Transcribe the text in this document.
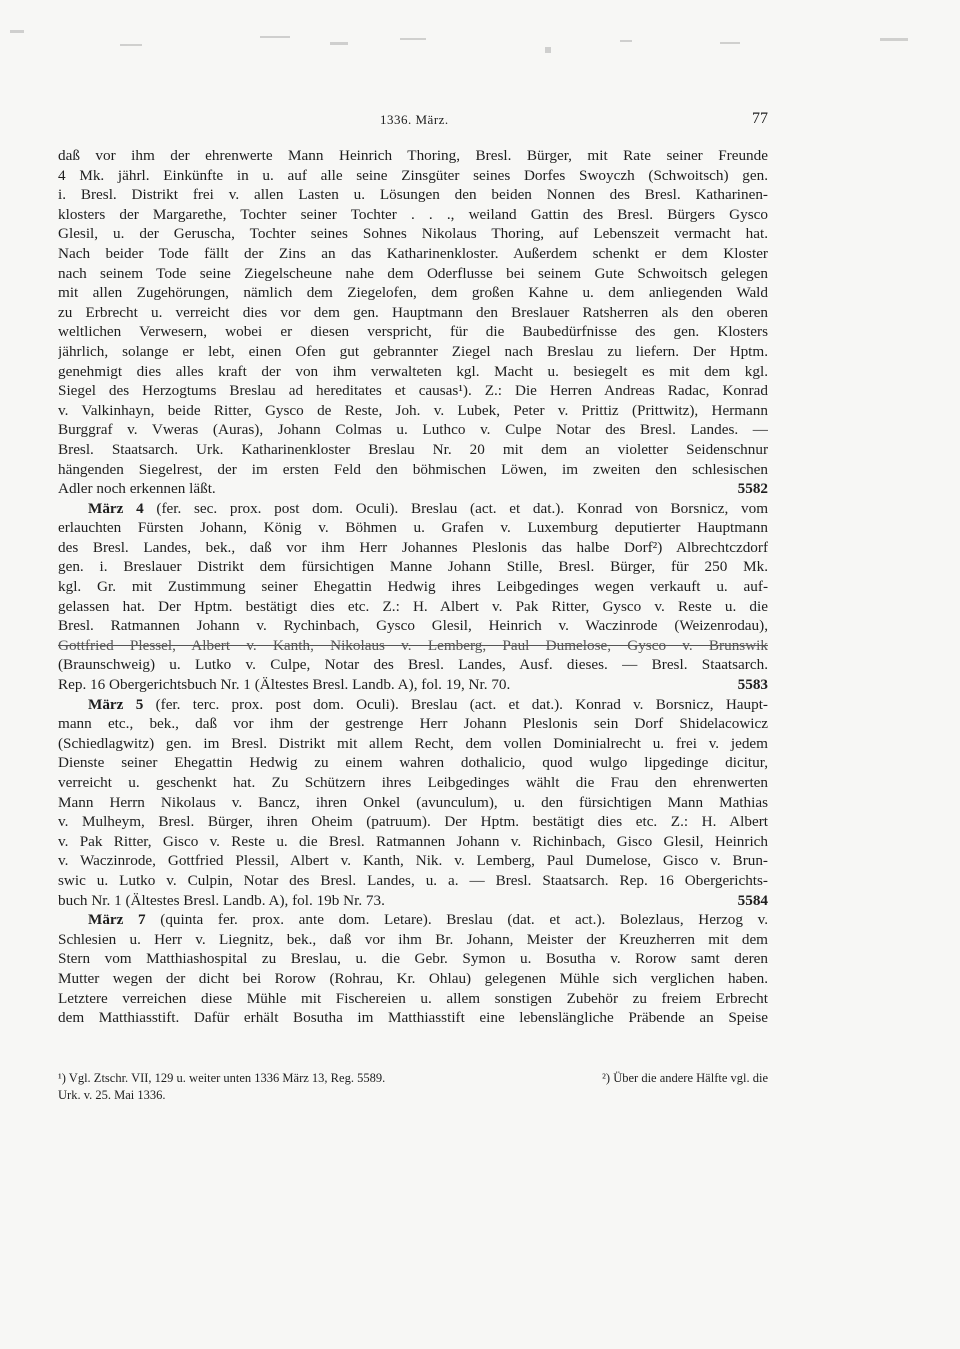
1336. März.	77
daß vor ihm der ehrenwerte Mann Heinrich Thoring, Bresl. Bürger, mit Rate seiner Freunde
4 Mk. jährl. Einkünfte in u. auf alle seine Zinsgüter seines Dorfes Swoyczh (Schwoitsch) gen.
i. Bresl. Distrikt frei v. allen Lasten u. Lösungen den beiden Nonnen des Bresl. Katharinen-
klosters der Margarethe, Tochter seiner Tochter . . ., weiland Gattin des Bresl. Bürgers Gysco
Glesil, u. der Geruscha, Tochter seines Sohnes Nikolaus Thoring, auf Lebenszeit vermacht hat.
Nach beider Tode fällt der Zins an das Katharinenkloster. Außerdem schenkt er dem Kloster
nach seinem Tode seine Ziegelscheune nahe dem Oderflusse bei seinem Gute Schwoitsch gelegen
mit allen Zugehörungen, nämlich dem Ziegelofen, dem großen Kahne u. dem anliegenden Wald
zu Erbrecht u. verreicht dies vor dem gen. Hauptmann den Breslauer Ratsherren als den oberen
weltlichen Verwesern, wobei er diesen verspricht, für die Baubedürfnisse des gen. Klosters
jährlich, solange er lebt, einen Ofen gut gebrannter Ziegel nach Breslau zu liefern. Der Hptm.
genehmigt dies alles kraft der von ihm verwalteten kgl. Macht u. besiegelt es mit dem kgl.
Siegel des Herzogtums Breslau ad hereditates et causas¹). Z.: Die Herren Andreas Radac, Konrad
v. Valkinhayn, beide Ritter, Gysco de Reste, Joh. v. Lubek, Peter v. Prittiz (Prittwitz), Hermann
Burggraf v. Vweras (Auras), Johann Colmas u. Luthco v. Culpe Notar des Bresl. Landes. —
Bresl. Staatsarch. Urk. Katharinenkloster Breslau Nr. 20 mit dem an violetter Seidenschnur
hängenden Siegelrest, der im ersten Feld den böhmischen Löwen, im zweiten den schlesischen
Adler noch erkennen läßt.	5582
März 4 (fer. sec. prox. post dom. Oculi). Breslau (act. et dat.). Konrad von Borsnicz, vom
erlauchten Fürsten Johann, König v. Böhmen u. Grafen v. Luxemburg deputierter Hauptmann
des Bresl. Landes, bek., daß vor ihm Herr Johannes Pleslonis das halbe Dorf²) Albrechtczdorf
gen. i. Breslauer Distrikt dem fürsichtigen Manne Johann Stille, Bresl. Bürger, für 250 Mk.
kgl. Gr. mit Zustimmung seiner Ehegattin Hedwig ihres Leibgedinges wegen verkauft u. auf-
gelassen hat. Der Hptm. bestätigt dies etc. Z.: H. Albert v. Pak Ritter, Gysco v. Reste u. die
Bresl. Ratmannen Johann v. Rychinbach, Gysco Glesil, Heinrich v. Waczinrode (Weizenrodau),
Gottfried Plessel, Albert v. Kanth, Nikolaus v. Lemberg, Paul Dumelose, Gysco v. Brunswik
(Braunschweig) u. Lutko v. Culpe, Notar des Bresl. Landes, Ausf. dieses. — Bresl. Staatsarch.
Rep. 16 Obergerichtsbuch Nr. 1 (Ältestes Bresl. Landb. A), fol. 19, Nr. 70.	5583
März 5 (fer. terc. prox. post dom. Oculi). Breslau (act. et dat.). Konrad v. Borsnicz, Haupt-
mann etc., bek., daß vor ihm der gestrenge Herr Johann Pleslonis sein Dorf Shidelacowicz
(Schiedlagwitz) gen. im Bresl. Distrikt mit allem Recht, dem vollen Dominialrecht u. frei v. jedem
Dienste seiner Ehegattin Hedwig zu einem wahren dothalicio, quod wulgo lipgedinge dicitur,
verreicht u. geschenkt hat. Zu Schützern ihres Leibgedinges wählt die Frau den ehrenwerten
Mann Herrn Nikolaus v. Bancz, ihren Onkel (avunculum), u. den fürsichtigen Mann Mathias
v. Mulheym, Bresl. Bürger, ihren Oheim (patruum). Der Hptm. bestätigt dies etc. Z.: H. Albert
v. Pak Ritter, Gisco v. Reste u. die Bresl. Ratmannen Johann v. Richinbach, Gisco Glesil, Heinrich
v. Waczinrode, Gottfried Plessil, Albert v. Kanth, Nik. v. Lemberg, Paul Dumelose, Gisco v. Brun-
swic u. Lutko v. Culpin, Notar des Bresl. Landes, u. a. — Bresl. Staatsarch. Rep. 16 Obergerichts-
buch Nr. 1 (Ältestes Bresl. Landb. A), fol. 19b Nr. 73.	5584
März 7 (quinta fer. prox. ante dom. Letare). Breslau (dat. et act.). Bolezlaus, Herzog v.
Schlesien u. Herr v. Liegnitz, bek., daß vor ihm Br. Johann, Meister der Kreuzherren mit dem
Stern vom Matthiashospital zu Breslau, u. die Gebr. Symon u. Bosutha v. Rorow samt deren
Mutter wegen der dicht bei Rorow (Rohrau, Kr. Ohlau) gelegenen Mühle sich verglichen haben.
Letztere verreichen diese Mühle mit Fischereien u. allem sonstigen Zubehör zu freiem Erbrecht
dem Matthiasstift. Dafür erhält Bosutha im Matthiasstift eine lebenslängliche Präbende an Speise
¹) Vgl. Ztschr. VII, 129 u. weiter unten 1336 März 13, Reg. 5589.	²) Über die andere Hälfte vgl. die
Urk. v. 25. Mai 1336.
